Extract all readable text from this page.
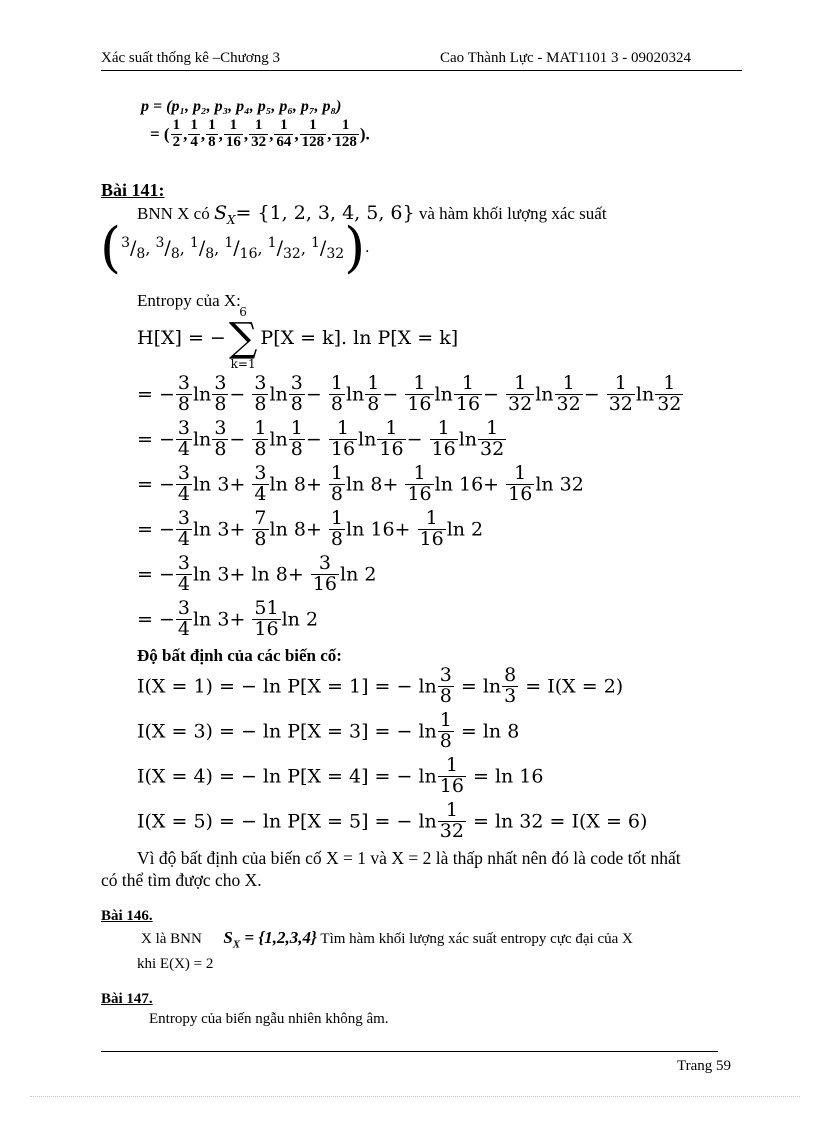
Xác suất thống kê –Chương 3	Cao Thành Lực - MAT1101 3 - 09020324
p = (p₁, p₂, p₃, p₄, p₅, p₆, p₇, p₈)
= ( $\frac{1}{2}$ , $\frac{1}{4}$ , $\frac{1}{8}$ , $\frac{1}{16}$ , $\frac{1}{32}$ , $\frac{1}{64}$ , $\frac{1}{128}$ , $\frac{1}{128}$ ).
Bài 141:
BNN X có $S_X= \{1$, 2, 3, 4, 5, 6} và hàm khối lượng xác suất
($^3/_8$, $^3/_8$, $^1/_8$, $^1/_{16}$, $^1/_{32}$, $^1/_{32}$).
Entropy của X:
H[X] = −
6
∑
k=1
P[X = k]. ln P[X = k]
= − $\frac{3}{8}$ $\ln \frac{3}{8} - \frac{3}{8}$ $\ln \frac{3}{8} - \frac{1}{8}$ $\ln \frac{1}{8} - \frac{1}{16}$ $\ln \frac{1}{16} - \frac{1}{32}$ $\ln \frac{1}{32} - \frac{1}{32}$ $\ln \frac{1}{32}$
= − $\frac{3}{4}$ $\ln \frac{3}{8} - \frac{1}{8}$ $\ln \frac{1}{8} - \frac{1}{16}$ $\ln \frac{1}{16} - \frac{1}{16}$ $\ln \frac{1}{32}$
= − $\frac{3}{4}$ $\ln 3+ \frac{3}{4}$ $\ln 8+ \frac{1}{8}$ $\ln 8+ \frac{1}{16}$ $\ln 16+ \frac{1}{16}$ ln 32
= − $\frac{3}{4}$ $\ln 3+ \frac{7}{8}$ $\ln 8+ \frac{1}{8}$ $\ln 16+ \frac{1}{16}$ ln 2
= − $\frac{3}{4}$ $\ln 3+ \ln 8+ \frac{3}{16}$ ln 2
= − $\frac{3}{4}$ $\ln 3+ \frac{51}{16}$ ln 2
Độ bất định của các biến cố:
I(X = 1) = − ln P[X = 1] = − $\ln \frac{3}{8} = \ln \frac{8}{3} = I(X = 2)$
I(X = 3) = − ln P[X = 3] = − $\ln \frac{1}{8} = \ln 8$
I(X = 4) = − ln P[X = 4] = − $\ln \frac{1}{16} = \ln 16$
I(X = 5) = − ln P[X = 5] = − $\ln \frac{1}{32} = \ln 32 = I(X = 6)$
Vì độ bất định của biến cố X = 1 và X = 2 là thấp nhất nên đó là code tốt nhất
có thể tìm được cho X.
Bài 146.
X là BNN $S_X = \{1,2,3,4\}$ Tìm hàm khối lượng xác suất entropy cực đại của X
khi E(X) = 2
Bài 147.
Entropy của biến ngẫu nhiên không âm.
Trang 59
